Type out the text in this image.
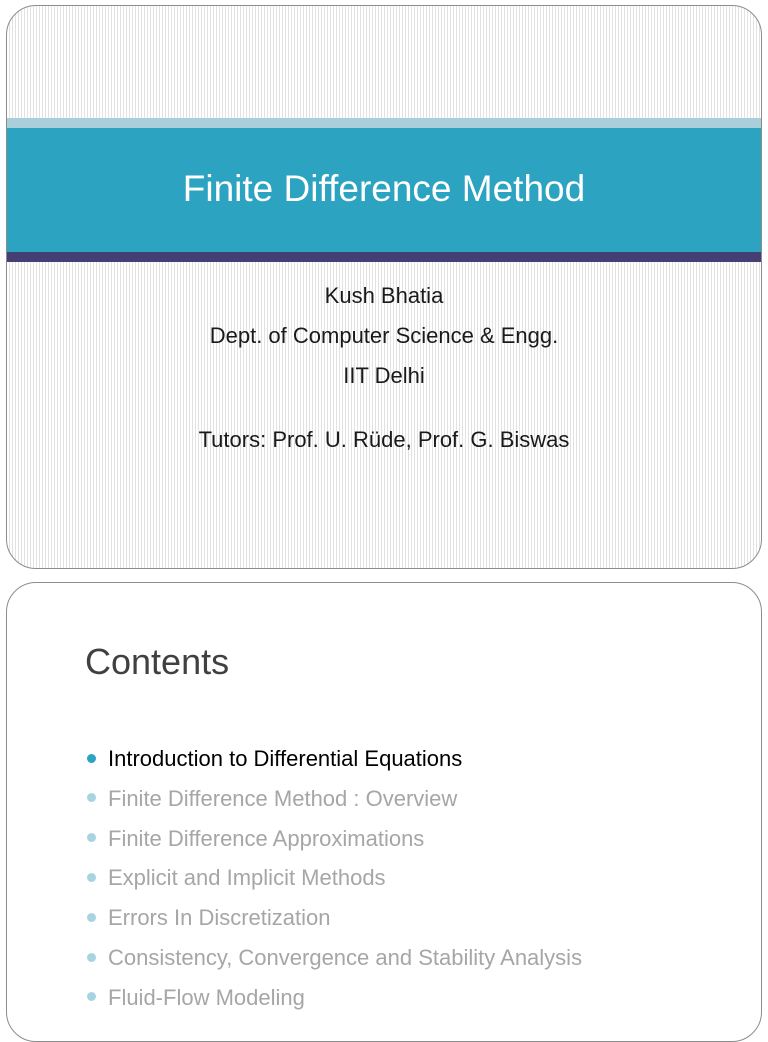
Finite Difference Method
Kush Bhatia
Dept. of Computer Science & Engg.
IIT Delhi
Tutors: Prof. U. Rüde, Prof. G. Biswas
Contents
Introduction to Differential Equations
Finite Difference Method : Overview
Finite Difference Approximations
Explicit and Implicit Methods
Errors In Discretization
Consistency, Convergence and Stability Analysis
Fluid-Flow Modeling
